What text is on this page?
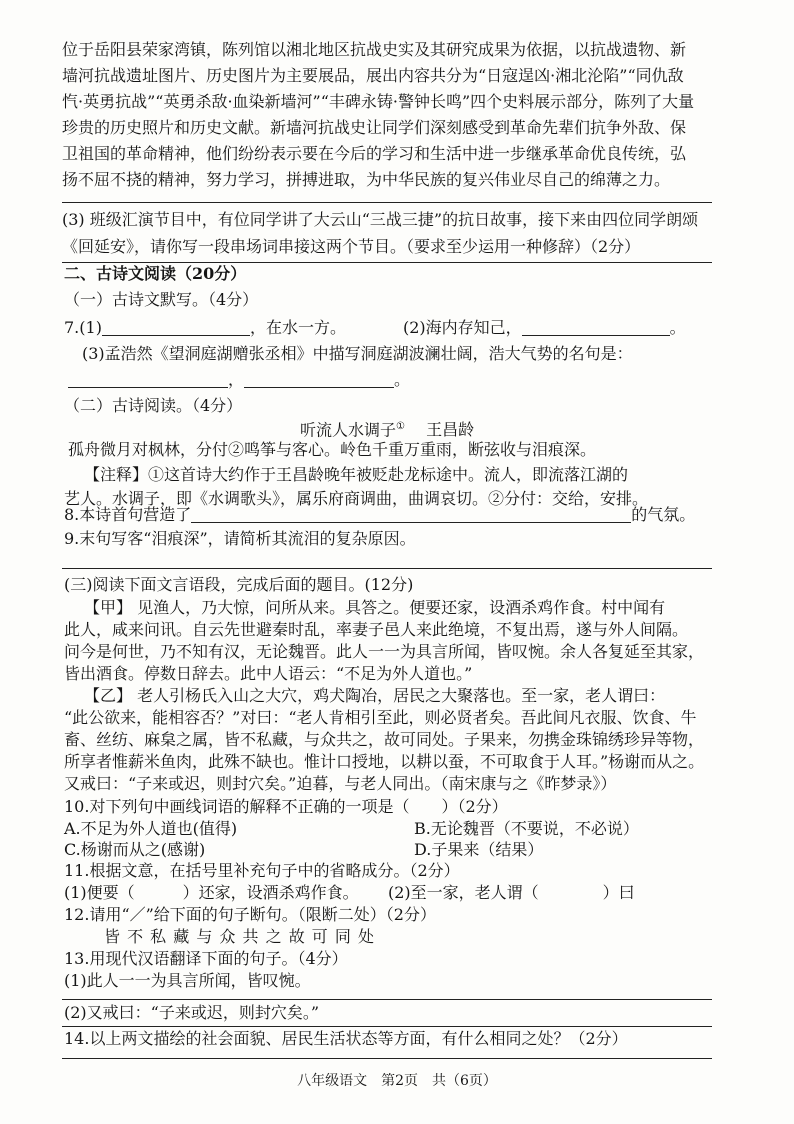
位于岳阳县荣家湾镇，陈列馆以湘北地区抗战史实及其研究成果为依据，以抗战遗物、新
墙河抗战遗址图片、历史图片为主要展品，展出内容共分为“日寇逞凶·湘北沦陷”“同仇敌
忾·英勇抗战”“英勇杀敌·血染新墙河”“丰碑永铸·警钟长鸣”四个史料展示部分，陈列了大量
珍贵的历史照片和历史文献。新墙河抗战史让同学们深刻感受到革命先辈们抗争外敌、保
卫祖国的革命精神，他们纷纷表示要在今后的学习和生活中进一步继承革命优良传统，弘
扬不屈不挠的精神，努力学习，拼搏进取，为中华民族的复兴伟业尽自己的绵薄之力。
(3) 班级汇演节目中，有位同学讲了大云山“三战三捷”的抗日故事，接下来由四位同学朗颂
《回延安》，请你写一段串场词串接这两个节目。（要求至少运用一种修辞）（2分）
二、古诗文阅读（20分）
（一）古诗文默写。（4分）
7.(1)	，在水一方。	(2)海内存知己，	。
(3)孟浩然《望洞庭湖赠张丞相》中描写洞庭湖波澜壮阔，浩大气势的名句是：
，	。
（二）古诗阅读。（4分）
听流人水调子① 王昌龄
孤舟微月对枫林，分付②鸣筝与客心。岭色千重万重雨，断弦收与泪痕深。
【注释】①这首诗大约作于王昌龄晚年被贬赴龙标途中。流人，即流落江湖的
艺人。水调子，即《水调歌头》，属乐府商调曲，曲调哀切。②分付：交给，安排。
8.本诗首句营造了	的气氛。
9.末句写客“泪痕深”，请简析其流泪的复杂原因。
(三)阅读下面文言语段，完成后面的题目。(12分)
【甲】 见渔人，乃大惊，问所从来。具答之。便要还家，设酒杀鸡作食。村中闻有
此人，咸来问讯。自云先世避秦时乱，率妻子邑人来此绝境，不复出焉，遂与外人间隔。
问今是何世，乃不知有汉，无论魏晋。此人一一为具言所闻，皆叹惋。余人各复延至其家，
皆出酒食。停数日辞去。此中人语云：“不足为外人道也。”
【乙】 老人引杨氏入山之大穴，鸡犬陶冶，居民之大聚落也。至一家，老人谓曰：
“此公欲来，能相容否？”对曰：“老人肯相引至此，则必贤者矣。吾此间凡衣服、饮食、牛
畜、丝纺、麻枲之属，皆不私藏，与众共之，故可同处。子果来，勿携金珠锦绣珍异等物，
所享者惟薪米鱼肉，此殊不缺也。惟计口授地，以耕以蚕，不可取食于人耳。”杨谢而从之。
又戒曰：“子来或迟，则封穴矣。”迫暮，与老人同出。（南宋康与之《昨梦录》）
10.对下列句中画线词语的解释不正确的一项是（　　）（2分）
A.不足为外人道也(值得)	B.无论魏晋（不要说，不必说）
C.杨谢而从之(感谢)	D.子果来（结果）
11.根据文意，在括号里补充句子中的省略成分。（2分）
(1)便要（　　　）还家，设酒杀鸡作食。 (2)至一家，老人谓（　　　　）曰
12.请用“／”给下面的句子断句。（限断二处）（2分）
皆 不 私 藏 与 众 共 之 故 可 同 处
13.用现代汉语翻译下面的句子。（4分）
(1)此人一一为具言所闻，皆叹惋。
(2)又戒曰：“子来或迟，则封穴矣。”
14.以上两文描绘的社会面貌、居民生活状态等方面，有什么相同之处？（2分）
八年级语文　第2页　共（6页）
